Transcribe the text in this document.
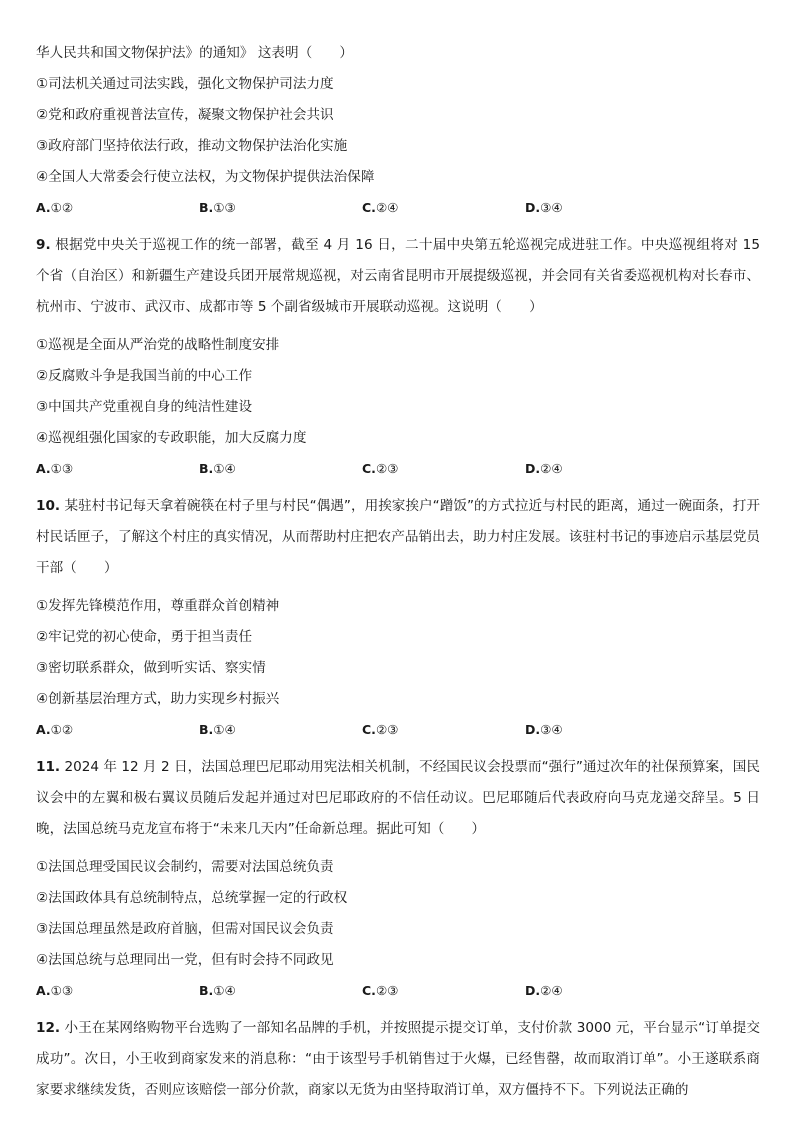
华人民共和国文物保护法》的通知》 这表明（　　）
①司法机关通过司法实践，强化文物保护司法力度
②党和政府重视普法宣传，凝聚文物保护社会共识
③政府部门坚持依法行政，推动文物保护法治化实施
④全国人大常委会行使立法权，为文物保护提供法治保障
A.①②	B.①③	C.②④	D.③④
9. 根据党中央关于巡视工作的统一部署，截至 4 月 16 日，二十届中央第五轮巡视完成进驻工作。中央巡视组将对 15 个省（自治区）和新疆生产建设兵团开展常规巡视，对云南省昆明市开展提级巡视，并会同有关省委巡视机构对长春市、杭州市、宁波市、武汉市、成都市等 5 个副省级城市开展联动巡视。这说明（　　）
①巡视是全面从严治党的战略性制度安排
②反腐败斗争是我国当前的中心工作
③中国共产党重视自身的纯洁性建设
④巡视组强化国家的专政职能，加大反腐力度
A.①③	B.①④	C.②③	D.②④
10. 某驻村书记每天拿着碗筷在村子里与村民“偶遇”，用挨家挨户“蹭饭”的方式拉近与村民的距离，通过一碗面条，打开村民话匣子，了解这个村庄的真实情况，从而帮助村庄把农产品销出去，助力村庄发展。该驻村书记的事迹启示基层党员干部（　　）
①发挥先锋模范作用，尊重群众首创精神
②牢记党的初心使命，勇于担当责任
③密切联系群众，做到听实话、察实情
④创新基层治理方式，助力实现乡村振兴
A.①②	B.①④	C.②③	D.③④
11. 2024 年 12 月 2 日，法国总理巴尼耶动用宪法相关机制，不经国民议会投票而“强行”通过次年的社保预算案，国民议会中的左翼和极右翼议员随后发起并通过对巴尼耶政府的不信任动议。巴尼耶随后代表政府向马克龙递交辞呈。5 日晚，法国总统马克龙宣布将于“未来几天内”任命新总理。据此可知（　　）
①法国总理受国民议会制约，需要对法国总统负责
②法国政体具有总统制特点，总统掌握一定的行政权
③法国总理虽然是政府首脑，但需对国民议会负责
④法国总统与总理同出一党，但有时会持不同政见
A.①③	B.①④	C.②③	D.②④
12. 小王在某网络购物平台选购了一部知名品牌的手机，并按照提示提交订单，支付价款 3000 元，平台显示“订单提交成功”。次日，小王收到商家发来的消息称：“由于该型号手机销售过于火爆，已经售罄，故而取消订单”。小王遂联系商家要求继续发货，否则应该赔偿一部分价款，商家以无货为由坚持取消订单，双方僵持不下。下列说法正确的
